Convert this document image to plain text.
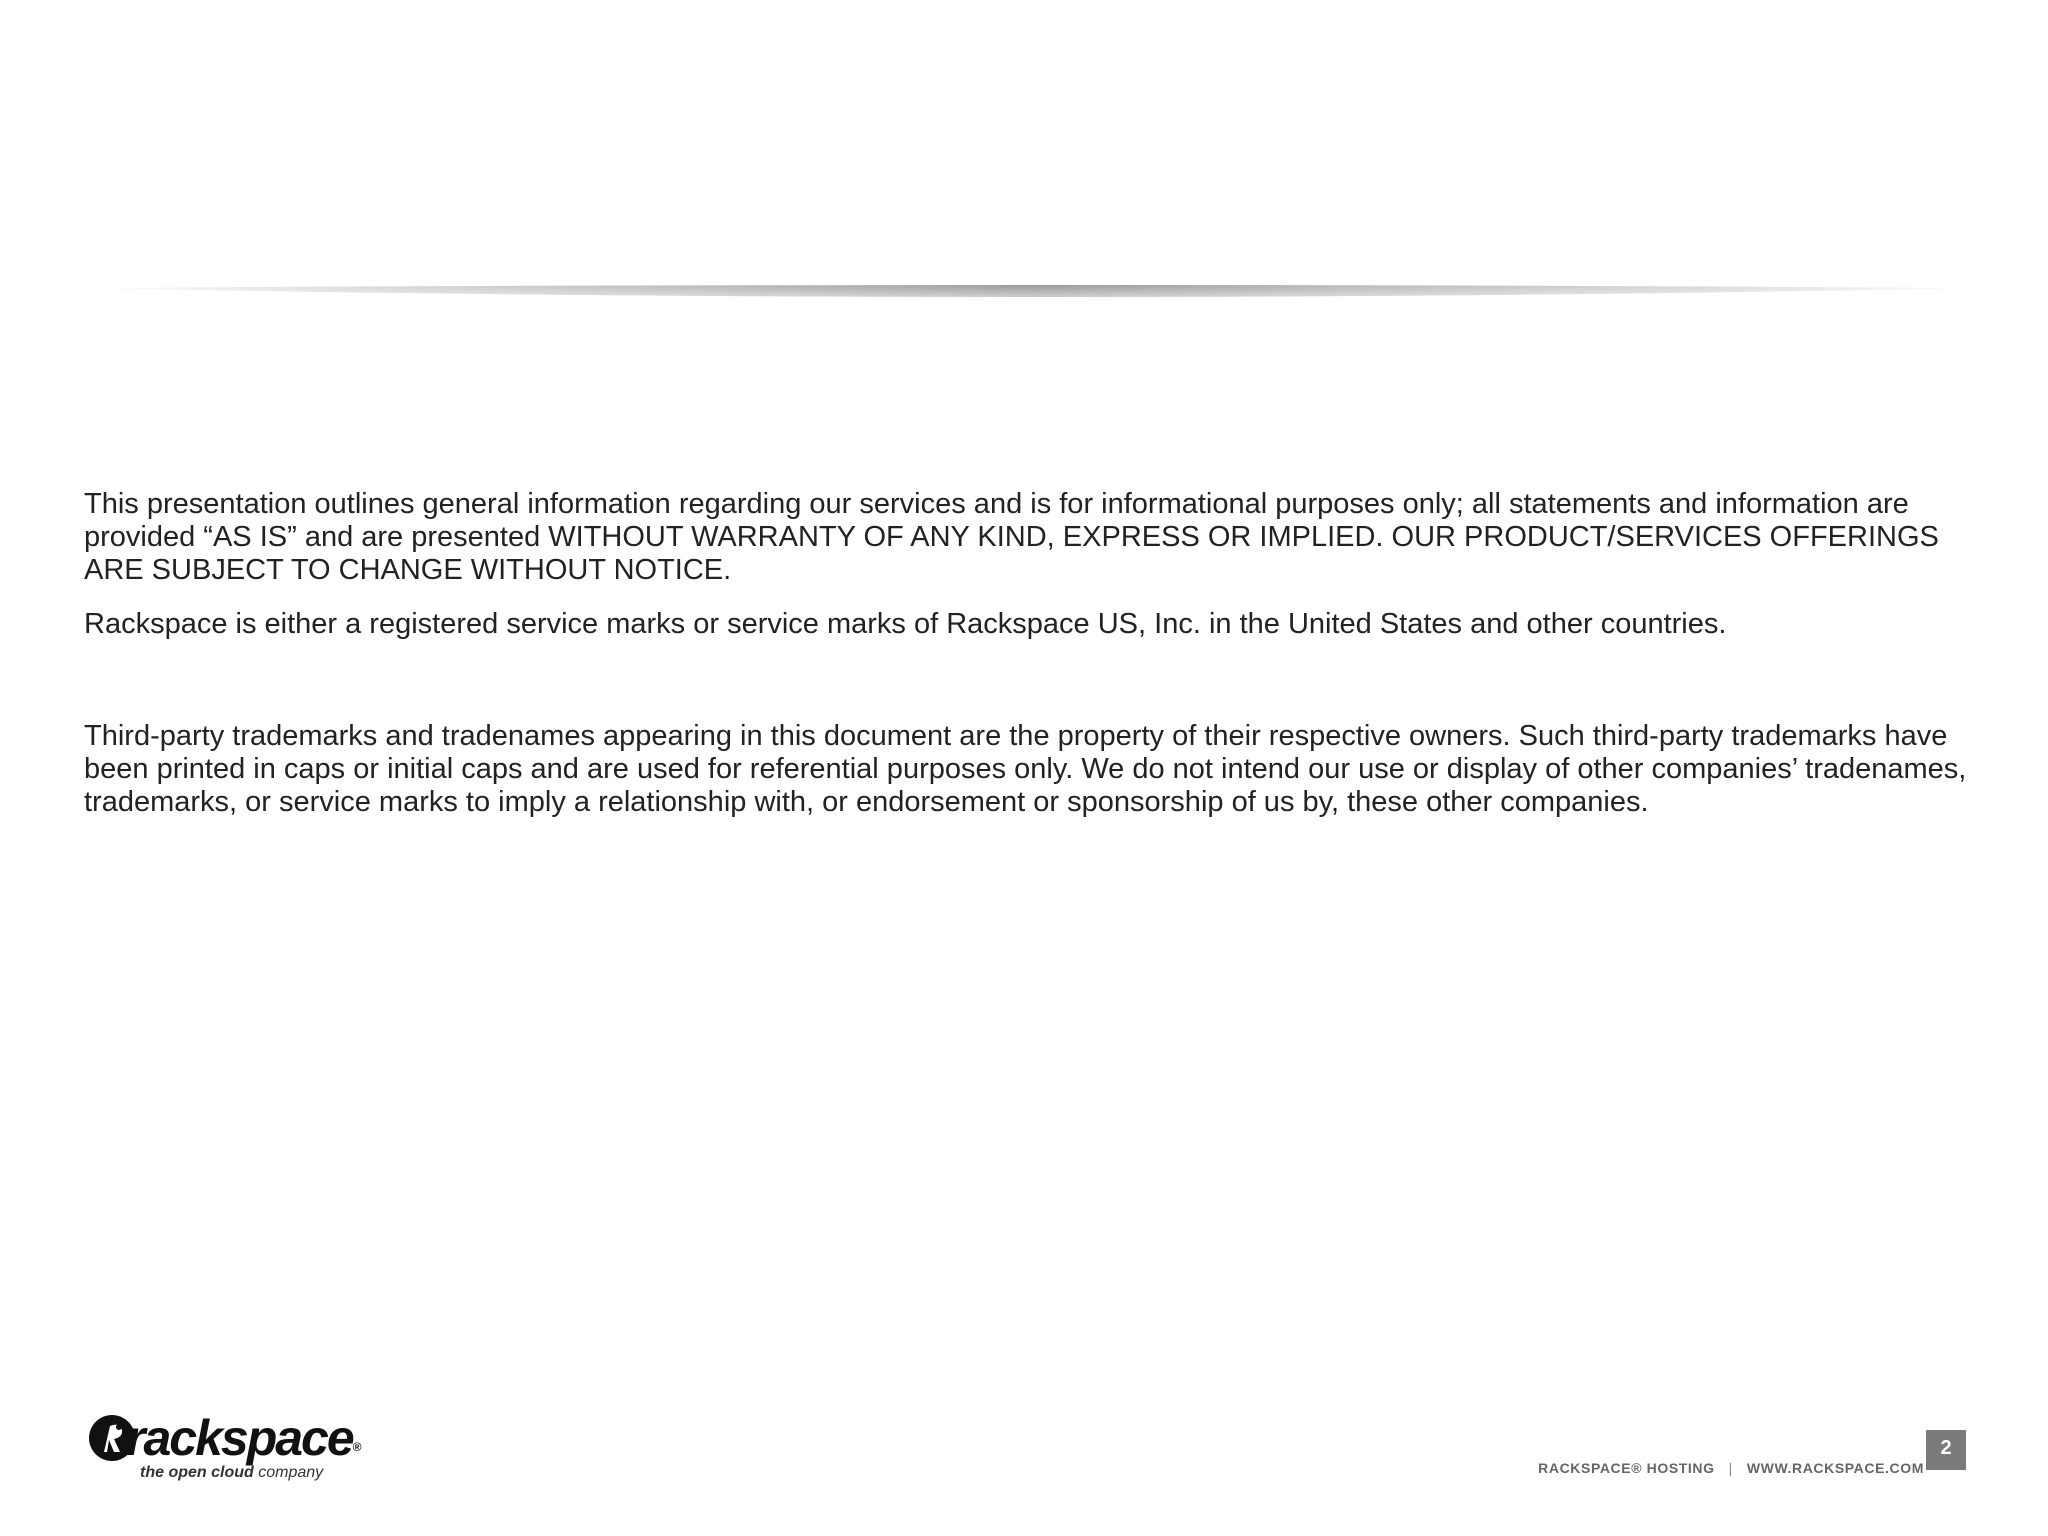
This presentation outlines general information regarding our services and is for informational purposes only; all statements and information are provided “AS IS” and are presented WITHOUT WARRANTY OF ANY KIND, EXPRESS OR IMPLIED. OUR PRODUCT/SERVICES OFFERINGS ARE SUBJECT TO CHANGE WITHOUT NOTICE.

Rackspace is either a registered service marks or service marks of Rackspace US, Inc. in the United States and other countries.

Third-party trademarks and tradenames appearing in this document are the property of their respective owners. Such third-party trademarks have been printed in caps or initial caps and are used for referential purposes only. We do not intend our use or display of other companies’ tradenames, trademarks, or service marks to imply a relationship with, or endorsement or sponsorship of us by, these other companies.

rackspace®
the open cloud company	RACKSPACE® HOSTING | WWW.RACKSPACE.COM
2
